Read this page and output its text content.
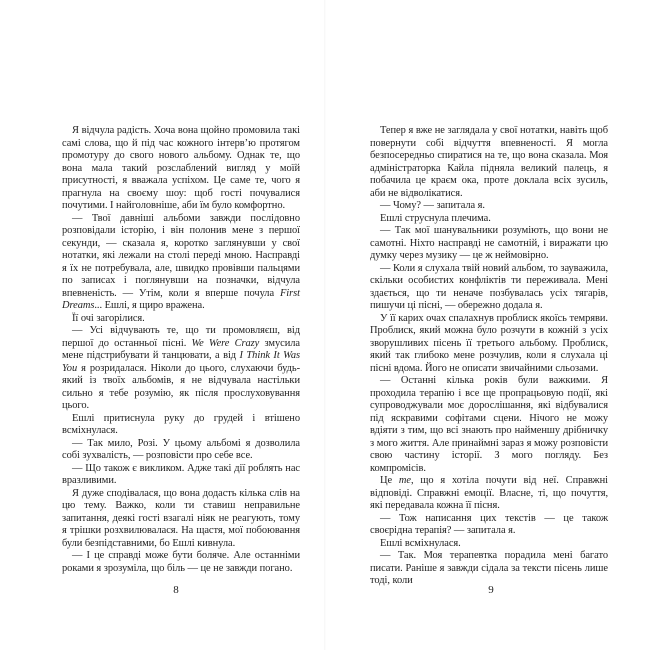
Я відчула радість. Хоча вона щойно промовила такі самі слова, що й під час кожного інтерв’ю протягом промотуру до свого нового альбому. Однак те, що вона мала такий розслаблений вигляд у моїй присутності, я вважала успіхом. Це саме те, чого я прагнула на своєму шоу: щоб гості почувалися почутими. І найголовніше, аби їм було комфортно.

— Твої давніші альбоми завжди послідовно розповідали історію, і він полонив мене з першої секунди, — сказала я, коротко заглянувши у свої нотатки, які лежали на столі переді мною. Насправді я їх не потребувала, але, швидко провівши пальцями по записах і поглянувши на позначки, відчула впевненість. — Утім, коли я вперше почула First Dreams... Ешлі, я щиро вражена.

Її очі загорілися.

— Усі відчувають те, що ти промовляєш, від першої до останньої пісні. We Were Crazy змусила мене підстрибувати й танцювати, а від I Think It Was You я розридалася. Ніколи до цього, слухаючи будь-який із твоїх альбомів, я не відчувала настільки сильно я тебе розумію, як після прослуховування цього.

Ешлі притиснула руку до грудей і втішено всміхнулася.

— Так мило, Розі. У цьому альбомі я дозволила собі зухвалість, — розповісти про себе все.

— Що також є викликом. Адже такі дії роблять нас вразливими.

Я дуже сподівалася, що вона додасть кілька слів на цю тему. Важко, коли ти ставиш неправильне запитання, деякі гості взагалі ніяк не реагують, тому я трішки розхвилювалася. На щастя, мої побоювання були безпідставними, бо Ешлі кивнула.

— І це справді може бути боляче. Але останніми роками я зрозуміла, що біль — це не завжди погано.

8

Тепер я вже не заглядала у свої нотатки, навіть щоб повернути собі відчуття впевненості. Я могла безпосередньо спиратися на те, що вона сказала. Моя адміністраторка Кайла підняла великий палець, я побачила це краєм ока, проте доклала всіх зусиль, аби не відволікатися.

— Чому? — запитала я.

Ешлі струснула плечима.

— Так мої шанувальники розуміють, що вони не самотні. Ніхто насправді не самотній, і виражати цю думку через музику — це ж неймовірно.

— Коли я слухала твій новий альбом, то зауважила, скільки особистих конфліктів ти переживала. Мені здається, що ти неначе позбувалась усіх тягарів, пишучи ці пісні, — обережно додала я.

У її карих очах спалахнув проблиск якоїсь темряви. Проблиск, який можна було розчути в кожній з усіх зворушливих пісень її третього альбому. Проблиск, який так глибоко мене розчулив, коли я слухала ці пісні вдома. Його не описати звичайними сльозами.

— Останні кілька років були важкими. Я проходила терапію і все ще пропрацьовую події, які супроводжували моє дорослішання, які відбувалися під яскравими софітами сцени. Нічого не можу вдіяти з тим, що всі знають про найменшу дрібничку з мого життя. Але принаймні зараз я можу розповісти свою частину історії. З мого погляду. Без компромісів.

Це те, що я хотіла почути від неї. Справжні відповіді. Справжні емоції. Власне, ті, що почуття, які передавала кожна її пісня.

— Тож написання цих текстів — це також своєрідна терапія? — запитала я.

Ешлі всміхнулася.

— Так. Моя терапевтка порадила мені багато писати. Раніше я завжди сідала за тексти пісень лише тоді, коли

9
